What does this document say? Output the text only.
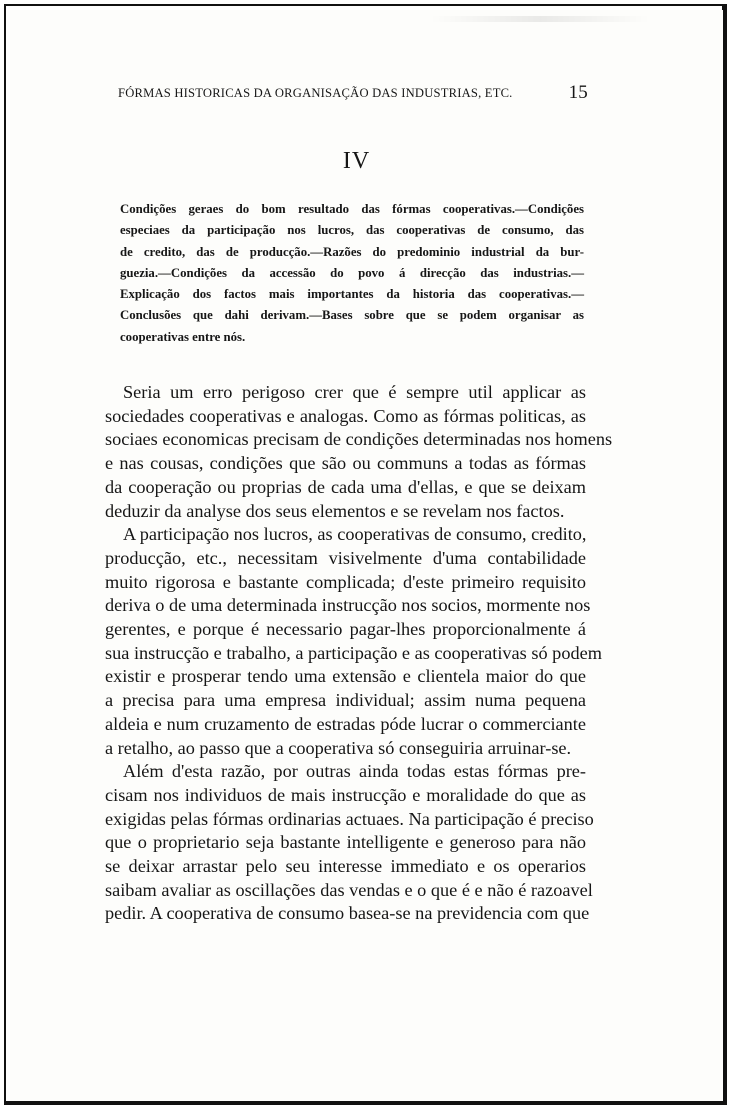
FÓRMAS HISTORICAS DA ORGANISAÇÃO DAS INDUSTRIAS, ETC.	15
IV
Condições geraes do bom resultado das fórmas cooperativas.—Condições
especiaes da participação nos lucros, das cooperativas de consumo, das
de credito, das de producção.—Razões do predominio industrial da bur-
guezia.—Condições da accessão do povo á direcção das industrias.—
Explicação dos factos mais importantes da historia das cooperativas.—
Conclusões que dahi derivam.—Bases sobre que se podem organisar as
cooperativas entre nós.
Seria um erro perigoso crer que é sempre util applicar as
sociedades cooperativas e analogas. Como as fórmas politicas, as
sociaes economicas precisam de condições determinadas nos homens
e nas cousas, condições que são ou communs a todas as fórmas
da cooperação ou proprias de cada uma d'ellas, e que se deixam
deduzir da analyse dos seus elementos e se revelam nos factos.
A participação nos lucros, as cooperativas de consumo, credito,
producção, etc., necessitam visivelmente d'uma contabilidade
muito rigorosa e bastante complicada; d'este primeiro requisito
deriva o de uma determinada instrucção nos socios, mormente nos
gerentes, e porque é necessario pagar-lhes proporcionalmente á
sua instrucção e trabalho, a participação e as cooperativas só podem
existir e prosperar tendo uma extensão e clientela maior do que
a precisa para uma empresa individual; assim numa pequena
aldeia e num cruzamento de estradas póde lucrar o commerciante
a retalho, ao passo que a cooperativa só conseguiria arruinar-se.
Além d'esta razão, por outras ainda todas estas fórmas pre-
cisam nos individuos de mais instrucção e moralidade do que as
exigidas pelas fórmas ordinarias actuaes. Na participação é preciso
que o proprietario seja bastante intelligente e generoso para não
se deixar arrastar pelo seu interesse immediato e os operarios
saibam avaliar as oscillações das vendas e o que é e não é razoavel
pedir. A cooperativa de consumo basea-se na previdencia com que
